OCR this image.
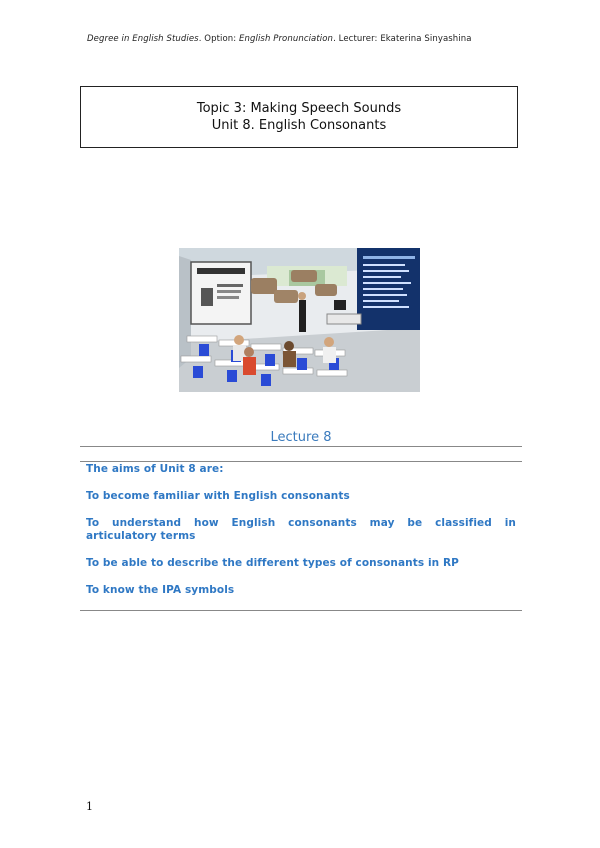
Degree in English Studies. Option: English Pronunciation. Lecturer: Ekaterina Sinyashina
Topic 3: Making Speech Sounds
Unit 8. English Consonants
Lecture 8

The aims of Unit 8 are:

To become familiar with English consonants

To understand how English consonants may be classified in articulatory terms

To be able to describe the different types of consonants in RP

To know the IPA symbols

1
